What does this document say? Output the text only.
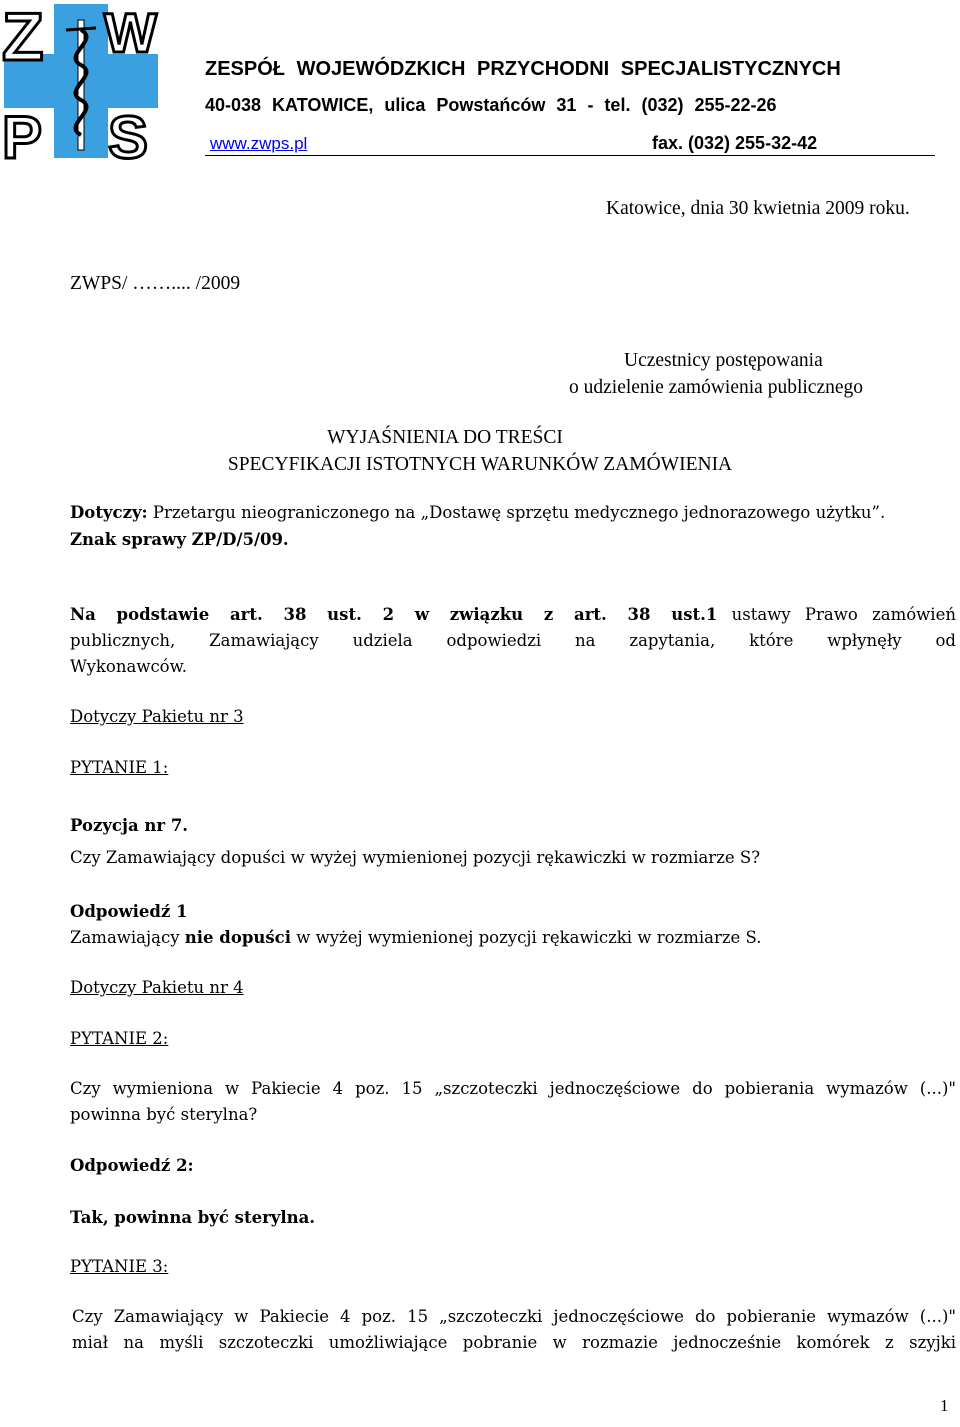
Z W
P S
ZESPÓŁ WOJEWÓDZKICH PRZYCHODNI SPECJALISTYCZNYCH
40-038 KATOWICE, ulica Powstańców 31 - tel. (032) 255-22-26
www.zwps.pl	fax. (032) 255-32-42
Katowice, dnia 30 kwietnia 2009 roku.
ZWPS/ …….... /2009
Uczestnicy postępowania
o udzielenie zamówienia publicznego
WYJAŚNIENIA DO TREŚCI
SPECYFIKACJI ISTOTNYCH WARUNKÓW ZAMÓWIENIA
Dotyczy: Przetargu nieograniczonego na „Dostawę sprzętu medycznego jednorazowego użytku”.
Znak sprawy ZP/D/5/09.
Na podstawie art. 38 ust. 2 w związku z art. 38 ust.1 ustawy Prawo zamówień
publicznych, Zamawiający udziela odpowiedzi na zapytania, które wpłynęły od
Wykonawców.
Dotyczy Pakietu nr 3
PYTANIE 1:
Pozycja nr 7.
Czy Zamawiający dopuści w wyżej wymienionej pozycji rękawiczki w rozmiarze S?
Odpowiedź 1
Zamawiający nie dopuści w wyżej wymienionej pozycji rękawiczki w rozmiarze S.
Dotyczy Pakietu nr 4
PYTANIE 2:
Czy wymieniona w Pakiecie 4 poz. 15 „szczoteczki jednoczęściowe do pobierania wymazów (...)"
powinna być sterylna?
Odpowiedź 2:
Tak, powinna być sterylna.
PYTANIE 3:
Czy Zamawiający w Pakiecie 4 poz. 15 „szczoteczki jednoczęściowe do pobieranie wymazów (...)"
miał na myśli szczoteczki umożliwiające pobranie w rozmazie jednocześnie komórek z szyjki
1
